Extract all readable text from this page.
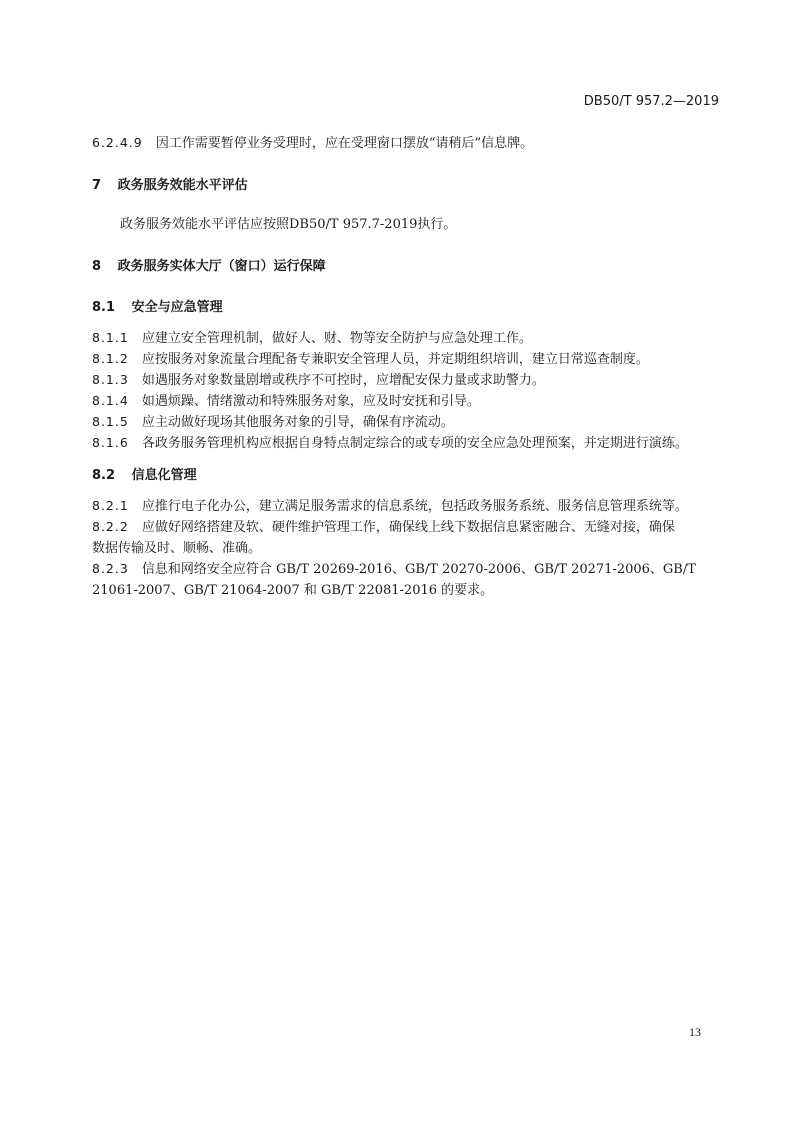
DB50/T 957.2—2019
6.2.4.9 因工作需要暂停业务受理时，应在受理窗口摆放“请稍后”信息牌。
7 政务服务效能水平评估
政务服务效能水平评估应按照DB50/T 957.7-2019执行。
8 政务服务实体大厅（窗口）运行保障
8.1 安全与应急管理
8.1.1 应建立安全管理机制，做好人、财、物等安全防护与应急处理工作。
8.1.2 应按服务对象流量合理配备专兼职安全管理人员，并定期组织培训，建立日常巡查制度。
8.1.3 如遇服务对象数量剧增或秩序不可控时，应增配安保力量或求助警力。
8.1.4 如遇烦躁、情绪激动和特殊服务对象，应及时安抚和引导。
8.1.5 应主动做好现场其他服务对象的引导，确保有序流动。
8.1.6 各政务服务管理机构应根据自身特点制定综合的或专项的安全应急处理预案，并定期进行演练。
8.2 信息化管理
8.2.1 应推行电子化办公，建立满足服务需求的信息系统，包括政务服务系统、服务信息管理系统等。
8.2.2 应做好网络搭建及软、硬件维护管理工作，确保线上线下数据信息紧密融合、无缝对接，确保
数据传输及时、顺畅、准确。
8.2.3 信息和网络安全应符合 GB/T 20269-2016、GB/T 20270-2006、GB/T 20271-2006、GB/T
21061-2007、GB/T 21064-2007 和 GB/T 22081-2016 的要求。
13
